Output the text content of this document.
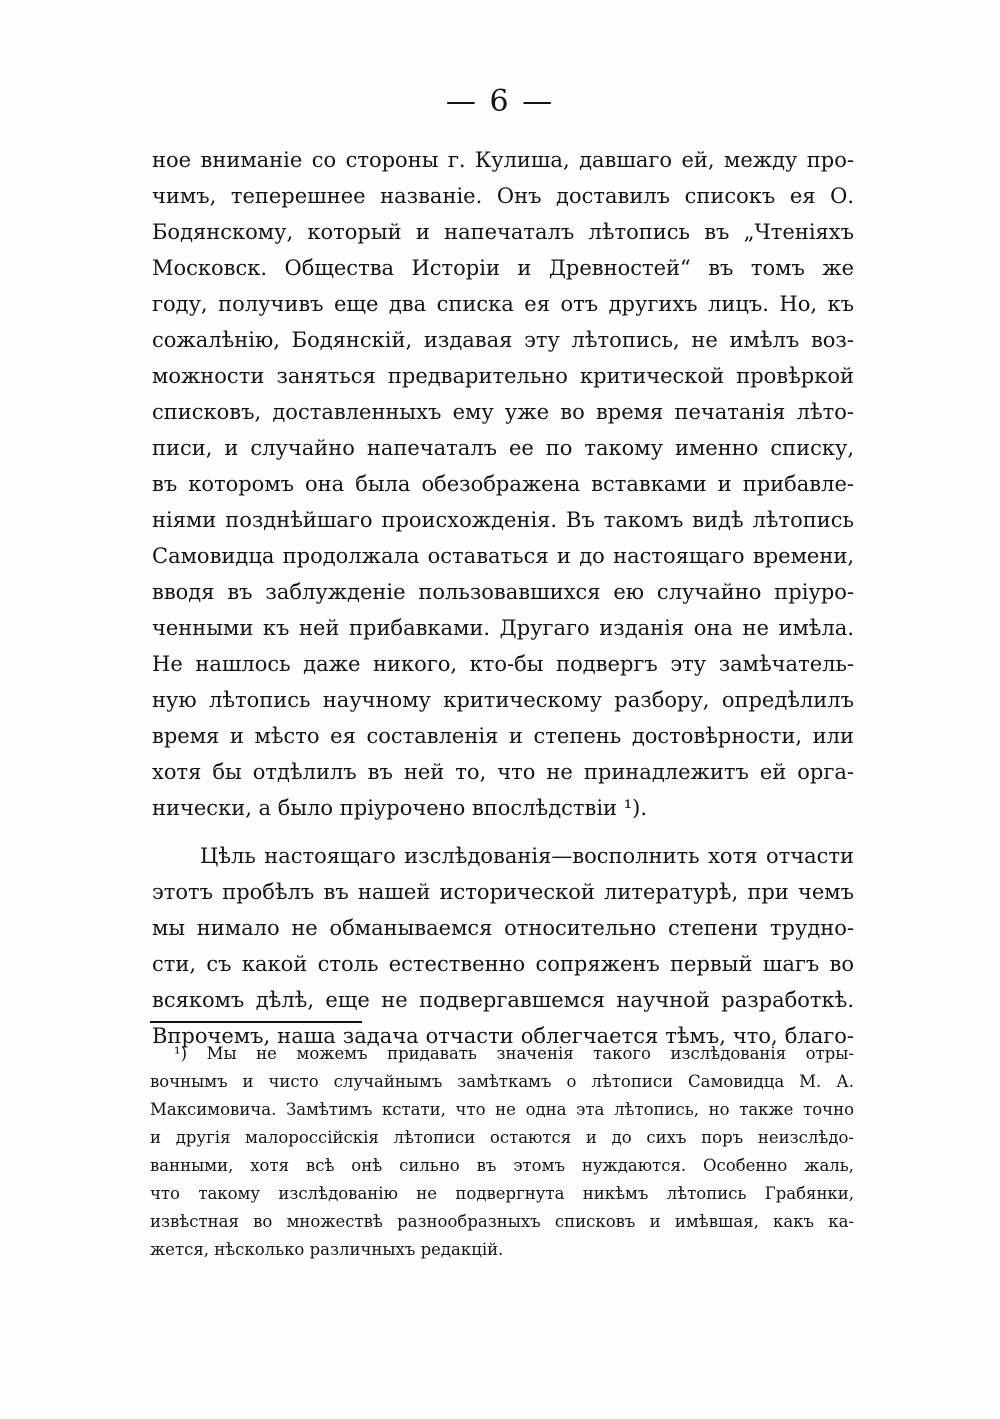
— 6 —
ное вниманіе со стороны г. Кулиша, давшаго ей, между про-
чимъ, теперешнее названіе. Онъ доставилъ списокъ ея О.
Бодянскому, который и напечаталъ лѣтопись въ „Чтеніяхъ
Московск. Общества Исторіи и Древностей“ въ томъ же
году, получивъ еще два списка ея отъ другихъ лицъ. Но, къ
сожалѣнію, Бодянскій, издавая эту лѣтопись, не имѣлъ воз-
можности заняться предварительно критической провѣркой
списковъ, доставленныхъ ему уже во время печатанія лѣто-
писи, и случайно напечаталъ ее по такому именно списку,
въ которомъ она была обезображена вставками и прибавле-
ніями позднѣйшаго происхожденія. Въ такомъ видѣ лѣтопись
Самовидца продолжала оставаться и до настоящаго времени,
вводя въ заблужденіе пользовавшихся ею случайно пріуро-
ченными къ ней прибавками. Другаго изданія она не имѣла.
Не нашлось даже никого, кто-бы подвергъ эту замѣчатель-
ную лѣтопись научному критическому разбору, опредѣлилъ
время и мѣсто ея составленія и степень достовѣрности, или
хотя бы отдѣлилъ въ ней то, что не принадлежитъ ей орга-
нически, а было пріурочено впослѣдствіи ¹).
Цѣль настоящаго изслѣдованія—восполнить хотя отчасти
этотъ пробѣлъ въ нашей исторической литературѣ, при чемъ
мы нимало не обманываемся относительно степени трудно-
сти, съ какой столь естественно сопряженъ первый шагъ во
всякомъ дѣлѣ, еще не подвергавшемся научной разработкѣ.
Впрочемъ, наша задача отчасти облегчается тѣмъ, что, благо-
¹) Мы не можемъ придавать значенія такого изслѣдованія отры-
вочнымъ и чисто случайнымъ замѣткамъ о лѣтописи Самовидца М. А.
Максимовича. Замѣтимъ кстати, что не одна эта лѣтопись, но также точно
и другія малороссійскія лѣтописи остаются и до сихъ поръ неизслѣдо-
ванными, хотя всѣ онѣ сильно въ этомъ нуждаются. Особенно жаль,
что такому изслѣдованію не подвергнута никѣмъ лѣтопись Грабянки,
извѣстная во множествѣ разнообразныхъ списковъ и имѣвшая, какъ ка-
жется, нѣсколько различныхъ редакцій.
